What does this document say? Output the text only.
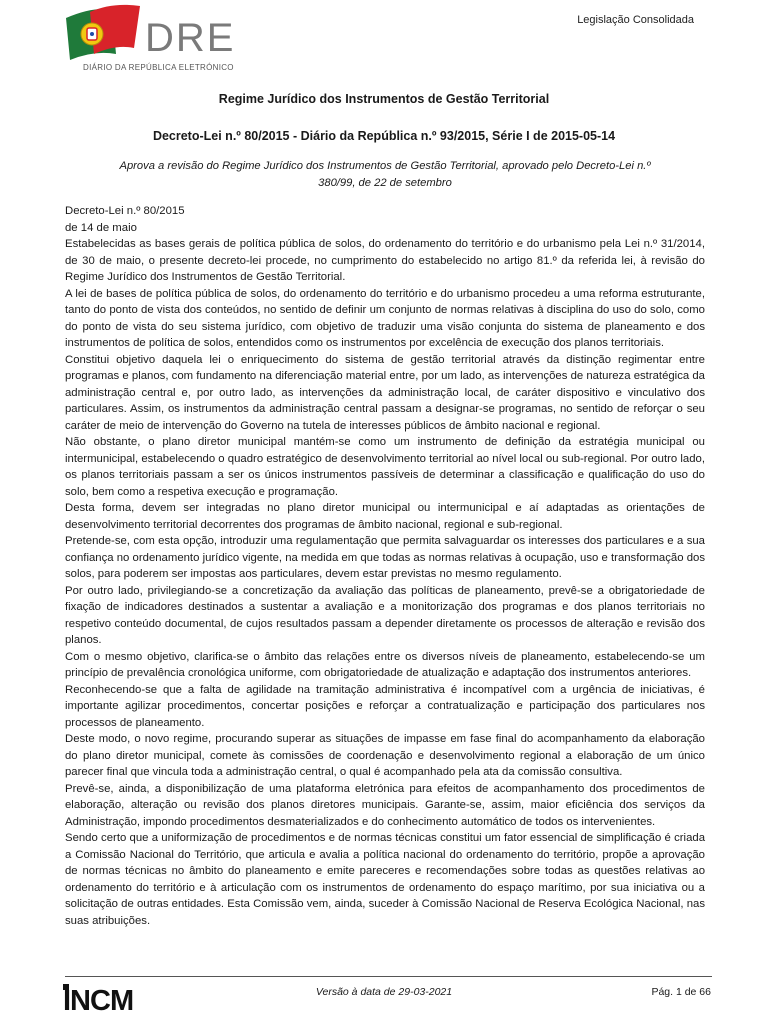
DRE
DIÁRIO DA REPÚBLICA ELETRÓNICO
Legislação Consolidada
Regime Jurídico dos Instrumentos de Gestão Territorial
Decreto-Lei n.º 80/2015 - Diário da República n.º 93/2015, Série I de 2015-05-14
Aprova a revisão do Regime Jurídico dos Instrumentos de Gestão Territorial, aprovado pelo Decreto-Lei n.º 380/99, de 22 de setembro

Decreto-Lei n.º 80/2015

de 14 de maio

Estabelecidas as bases gerais de política pública de solos, do ordenamento do território e do urbanismo pela Lei n.º 31/2014, de 30 de maio, o presente decreto-lei procede, no cumprimento do estabelecido no artigo 81.º da referida lei, à revisão do Regime Jurídico dos Instrumentos de Gestão Territorial.

A lei de bases de política pública de solos, do ordenamento do território e do urbanismo procedeu a uma reforma estruturante, tanto do ponto de vista dos conteúdos, no sentido de definir um conjunto de normas relativas à disciplina do uso do solo, como do ponto de vista do seu sistema jurídico, com objetivo de traduzir uma visão conjunta do sistema de planeamento e dos instrumentos de política de solos, entendidos como os instrumentos por excelência de execução dos planos territoriais.

Constitui objetivo daquela lei o enriquecimento do sistema de gestão territorial através da distinção regimentar entre programas e planos, com fundamento na diferenciação material entre, por um lado, as intervenções de natureza estratégica da administração central e, por outro lado, as intervenções da administração local, de caráter dispositivo e vinculativo dos particulares. Assim, os instrumentos da administração central passam a designar-se programas, no sentido de reforçar o seu caráter de meio de intervenção do Governo na tutela de interesses públicos de âmbito nacional e regional.

Não obstante, o plano diretor municipal mantém-se como um instrumento de definição da estratégia municipal ou intermunicipal, estabelecendo o quadro estratégico de desenvolvimento territorial ao nível local ou sub-regional. Por outro lado, os planos territoriais passam a ser os únicos instrumentos passíveis de determinar a classificação e qualificação do uso do solo, bem como a respetiva execução e programação.

Desta forma, devem ser integradas no plano diretor municipal ou intermunicipal e aí adaptadas as orientações de desenvolvimento territorial decorrentes dos programas de âmbito nacional, regional e sub-regional.

Pretende-se, com esta opção, introduzir uma regulamentação que permita salvaguardar os interesses dos particulares e a sua confiança no ordenamento jurídico vigente, na medida em que todas as normas relativas à ocupação, uso e transformação dos solos, para poderem ser impostas aos particulares, devem estar previstas no mesmo regulamento.

Por outro lado, privilegiando-se a concretização da avaliação das políticas de planeamento, prevê-se a obrigatoriedade de fixação de indicadores destinados a sustentar a avaliação e a monitorização dos programas e dos planos territoriais no respetivo conteúdo documental, de cujos resultados passam a depender diretamente os processos de alteração e revisão dos planos.

Com o mesmo objetivo, clarifica-se o âmbito das relações entre os diversos níveis de planeamento, estabelecendo-se um princípio de prevalência cronológica uniforme, com obrigatoriedade de atualização e adaptação dos instrumentos anteriores.

Reconhecendo-se que a falta de agilidade na tramitação administrativa é incompatível com a urgência de iniciativas, é importante agilizar procedimentos, concertar posições e reforçar a contratualização e participação dos particulares nos processos de planeamento.

Deste modo, o novo regime, procurando superar as situações de impasse em fase final do acompanhamento da elaboração do plano diretor municipal, comete às comissões de coordenação e desenvolvimento regional a elaboração de um único parecer final que vincula toda a administração central, o qual é acompanhado pela ata da comissão consultiva.

Prevê-se, ainda, a disponibilização de uma plataforma eletrónica para efeitos de acompanhamento dos procedimentos de elaboração, alteração ou revisão dos planos diretores municipais. Garante-se, assim, maior eficiência dos serviços da Administração, impondo procedimentos desmaterializados e do conhecimento automático de todos os intervenientes.

Sendo certo que a uniformização de procedimentos e de normas técnicas constitui um fator essencial de simplificação é criada a Comissão Nacional do Território, que articula e avalia a política nacional do ordenamento do território, propõe a aprovação de normas técnicas no âmbito do planeamento e emite pareceres e recomendações sobre todas as questões relativas ao ordenamento do território e à articulação com os instrumentos de ordenamento do espaço marítimo, por sua iniciativa ou a solicitação de outras entidades. Esta Comissão vem, ainda, suceder à Comissão Nacional de Reserva Ecológica Nacional, nas suas atribuições.

INCM	Versão à data de 29-03-2021	Pág. 1 de 66
